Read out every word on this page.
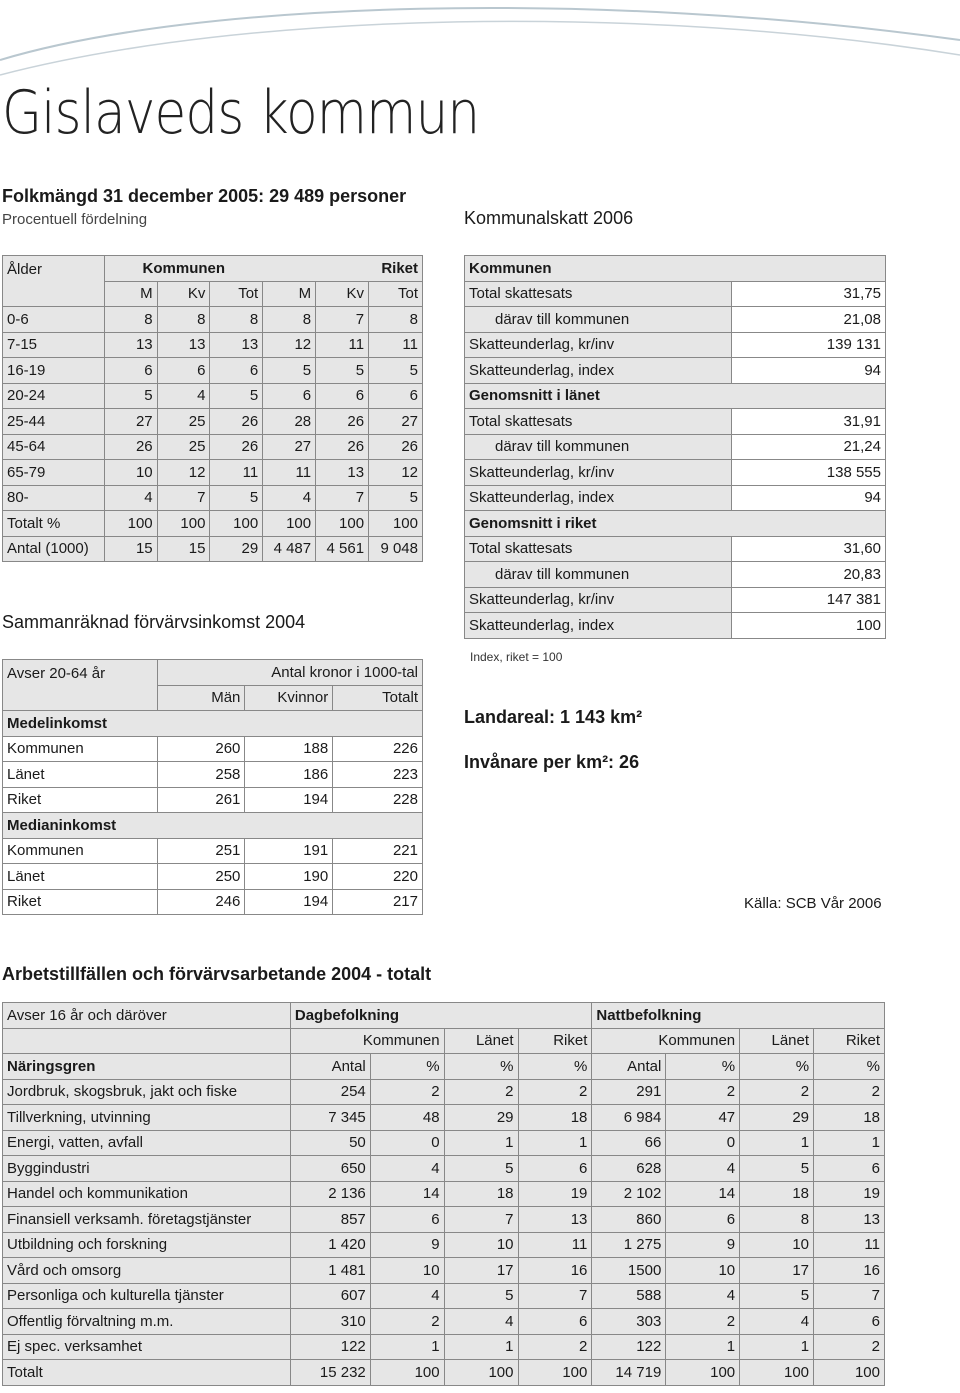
Gislaveds kommun
Folkmängd 31 december 2005: 29 489 personer
Procentuell fördelning
Ålder	Kommunen			Riket		
	M	Kv	Tot	M	Kv	Tot
0-6	8	8	8	8	7	8
7-15	13	13	13	12	11	11
16-19	6	6	6	5	5	5
20-24	5	4	5	6	6	6
25-44	27	25	26	28	26	27
45-64	26	25	26	27	26	26
65-79	10	12	11	11	13	12
80-	4	7	5	4	7	5
Totalt %	100	100	100	100	100	100
Antal (1000)	15	15	29	4 487	4 561	9 048
Sammanräknad förvärvsinkomst 2004
Avser 20-64 år	Antal kronor i 1000-tal		
	Män	Kvinnor	Totalt
Medelinkomst			
Kommunen	260	188	226
Länet	258	186	223
Riket	261	194	228
Medianinkomst			
Kommunen	251	191	221
Länet	250	190	220
Riket	246	194	217
Kommunalskatt 2006
Kommunen	
Total skattesats	31,75
därav till kommunen	21,08
Skatteunderlag, kr/inv	139 131
Skatteunderlag, index	94
Genomsnitt i länet	
Total skattesats	31,91
därav till kommunen	21,24
Skatteunderlag, kr/inv	138 555
Skatteunderlag, index	94
Genomsnitt i riket	
Total skattesats	31,60
därav till kommunen	20,83
Skatteunderlag, kr/inv	147 381
Skatteunderlag, index	100
Index, riket = 100
Landareal: 1 143 km²
Invånare per km²: 26
Källa: SCB Vår 2006
Arbetstillfällen och förvärvsarbetande 2004 - totalt
Avser 16 år och däröver	Dagbefolkning				Nattbefolkning			
	Kommunen		Länet	Riket	Kommunen		Länet	Riket
Näringsgren	Antal	%	%	%	Antal	%	%	%
Jordbruk, skogsbruk, jakt och fiske	254	2	2	2	291	2	2	2
Tillverkning, utvinning	7 345	48	29	18	6 984	47	29	18
Energi, vatten, avfall	50	0	1	1	66	0	1	1
Byggindustri	650	4	5	6	628	4	5	6
Handel och kommunikation	2 136	14	18	19	2 102	14	18	19
Finansiell verksamh. företagstjänster	857	6	7	13	860	6	8	13
Utbildning och forskning	1 420	9	10	11	1 275	9	10	11
Vård och omsorg	1 481	10	17	16	1500	10	17	16
Personliga och kulturella tjänster	607	4	5	7	588	4	5	7
Offentlig förvaltning m.m.	310	2	4	6	303	2	4	6
Ej spec. verksamhet	122	1	1	2	122	1	1	2
Totalt	15 232	100	100	100	14 719	100	100	100
